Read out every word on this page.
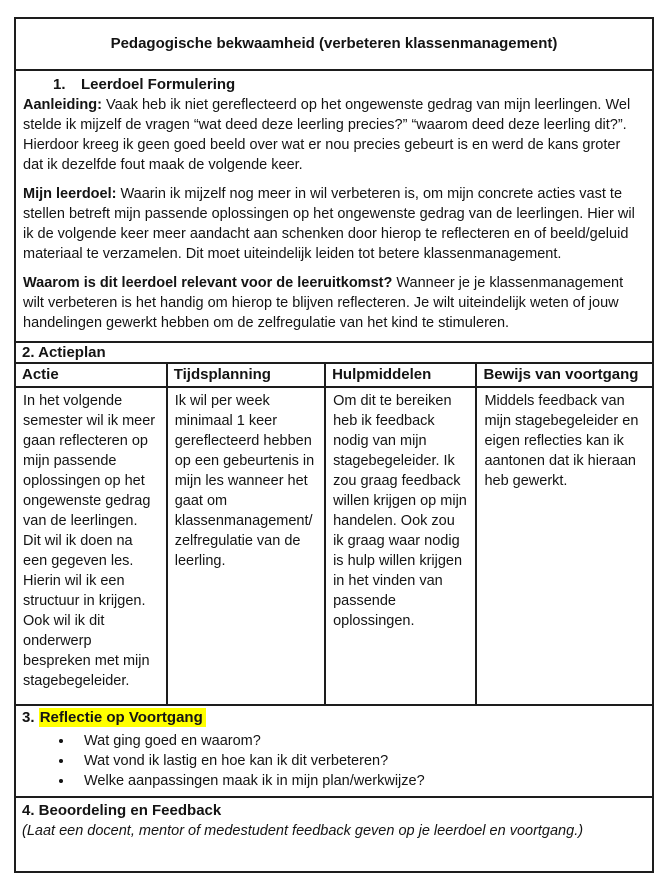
Pedagogische bekwaamheid (verbeteren klassenmanagement)
1. Leerdoel Formulering

Aanleiding: Vaak heb ik niet gereflecteerd op het ongewenste gedrag van mijn leerlingen. Wel stelde ik mijzelf de vragen “wat deed deze leerling precies?” “waarom deed deze leerling dit?”. Hierdoor kreeg ik geen goed beeld over wat er nou precies gebeurt is en werd de kans groter dat ik dezelfde fout maak de volgende keer.

Mijn leerdoel: Waarin ik mijzelf nog meer in wil verbeteren is, om mijn concrete acties vast te stellen betreft mijn passende oplossingen op het ongewenste gedrag van de leerlingen. Hier wil ik de volgende keer meer aandacht aan schenken door hierop te reflecteren en of beeld/geluid materiaal te verzamelen. Dit moet uiteindelijk leiden tot betere klassenmanagement.

Waarom is dit leerdoel relevant voor de leeruitkomst? Wanneer je je klassenmanagement wilt verbeteren is het handig om hierop te blijven reflecteren. Je wilt uiteindelijk weten of jouw handelingen gewerkt hebben om de zelfregulatie van het kind te stimuleren.

2. Actieplan
Actie	Tijdsplanning	Hulpmiddelen	Bewijs van voortgang
In het volgende semester wil ik meer gaan reflecteren op mijn passende oplossingen op het ongewenste gedrag van de leerlingen. Dit wil ik doen na een gegeven les. Hierin wil ik een structuur in krijgen. Ook wil ik dit onderwerp bespreken met mijn stagebegeleider.	Ik wil per week minimaal 1 keer gereflecteerd hebben op een gebeurtenis in mijn les wanneer het gaat om klassenmanagement/zelfregulatie van de leerling.	Om dit te bereiken heb ik feedback nodig van mijn stagebegeleider. Ik zou graag feedback willen krijgen op mijn handelen. Ook zou ik graag waar nodig is hulp willen krijgen in het vinden van passende oplossingen.	Middels feedback van mijn stagebegeleider en eigen reflecties kan ik aantonen dat ik hieraan heb gewerkt.
3. Reflectie op Voortgang
• Wat ging goed en waarom?
• Wat vond ik lastig en hoe kan ik dit verbeteren?
• Welke aanpassingen maak ik in mijn plan/werkwijze?
4. Beoordeling en Feedback
(Laat een docent, mentor of medestudent feedback geven op je leerdoel en voortgang.)
